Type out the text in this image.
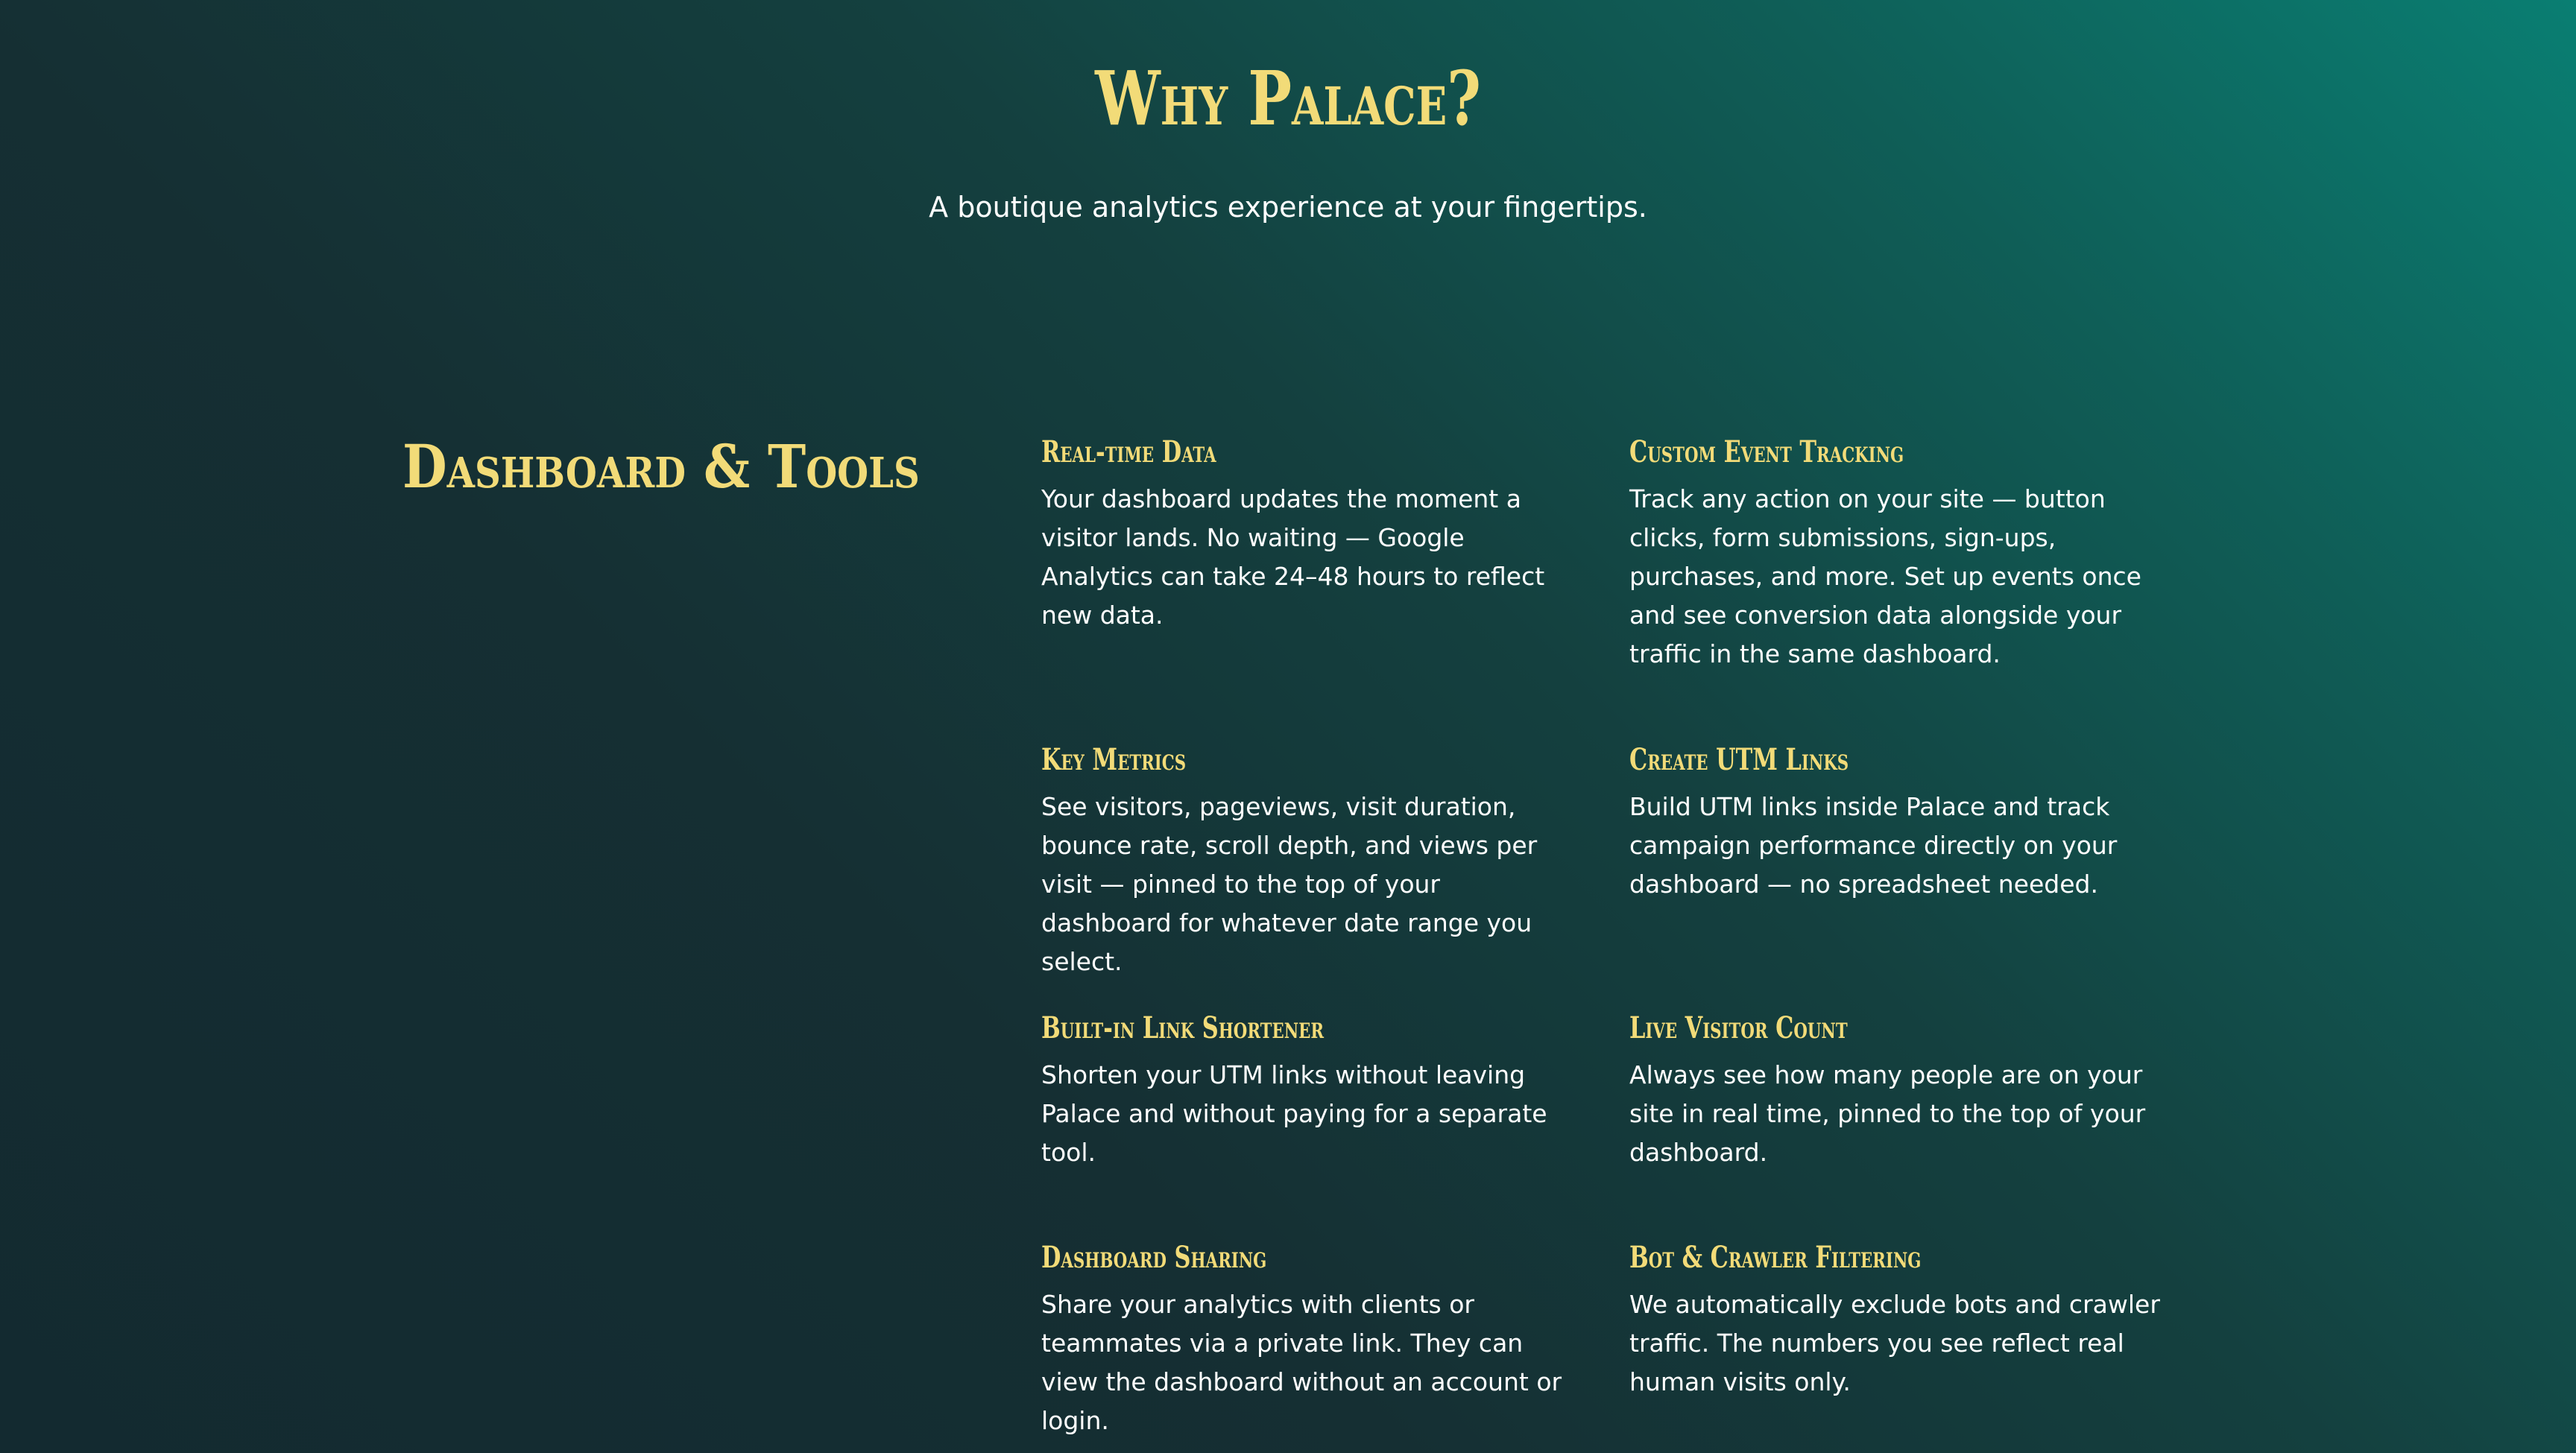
Why Palace?

A boutique analytics experience at your fingertips.

Dashboard & Tools	Real-time Data

Your dashboard updates the moment a visitor lands. No waiting — Google Analytics can take 24–48 hours to reflect new data.

Custom Event Tracking

Track any action on your site — button clicks, form submissions, sign-ups, purchases, and more. Set up events once and see conversion data alongside your traffic in the same dashboard.

Key Metrics

See visitors, pageviews, visit duration, bounce rate, scroll depth, and views per visit — pinned to the top of your dashboard for whatever date range you select.

Create UTM Links

Build UTM links inside Palace and track campaign performance directly on your dashboard — no spreadsheet needed.

Built-in Link Shortener

Shorten your UTM links without leaving Palace and without paying for a separate tool.

Live Visitor Count

Always see how many people are on your site in real time, pinned to the top of your dashboard.

Dashboard Sharing

Share your analytics with clients or teammates via a private link. They can view the dashboard without an account or login.

Bot & Crawler Filtering

We automatically exclude bots and crawler traffic. The numbers you see reflect real human visits only.
